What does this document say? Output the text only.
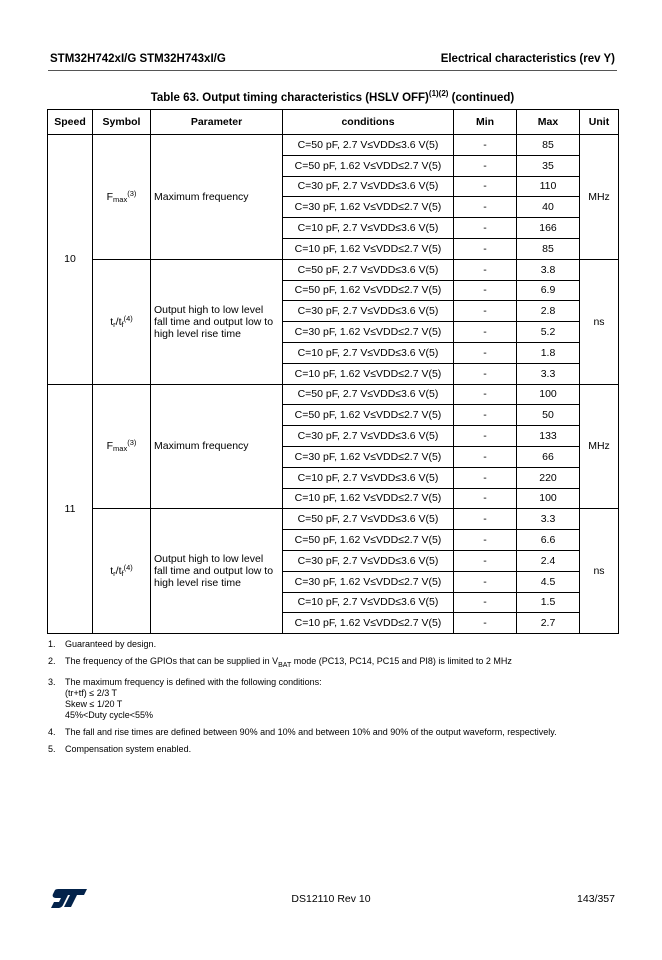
STM32H742xI/G STM32H743xI/G	Electrical characteristics (rev Y)
Table 63. Output timing characteristics (HSLV OFF)$^{(1)(2)}$ (continued)
Speed	Symbol	Parameter	conditions	Min	Max	Unit
10	$F_{max}^{(3)}$	Maximum frequency	C=50 pF, 2.7 V≤VDD≤3.6 V(5)	-	85	MHz
			C=50 pF, 1.62 V≤VDD≤2.7 V(5)	-	35	
			C=30 pF, 2.7 V≤VDD≤3.6 V(5)	-	110	
			C=30 pF, 1.62 V≤VDD≤2.7 V(5)	-	40	
			C=10 pF, 2.7 V≤VDD≤3.6 V(5)	-	166	
			C=10 pF, 1.62 V≤VDD≤2.7 V(5)	-	85	
	$t_r/t_f^{(4)}$	Output high to low level fall time and output low to high level rise time	C=50 pF, 2.7 V≤VDD≤3.6 V(5)	-	3.8	ns
			C=50 pF, 1.62 V≤VDD≤2.7 V(5)	-	6.9	
			C=30 pF, 2.7 V≤VDD≤3.6 V(5)	-	2.8	
			C=30 pF, 1.62 V≤VDD≤2.7 V(5)	-	5.2	
			C=10 pF, 2.7 V≤VDD≤3.6 V(5)	-	1.8	
			C=10 pF, 1.62 V≤VDD≤2.7 V(5)	-	3.3	
11	$F_{max}^{(3)}$	Maximum frequency	C=50 pF, 2.7 V≤VDD≤3.6 V(5)	-	100	MHz
			C=50 pF, 1.62 V≤VDD≤2.7 V(5)	-	50	
			C=30 pF, 2.7 V≤VDD≤3.6 V(5)	-	133	
			C=30 pF, 1.62 V≤VDD≤2.7 V(5)	-	66	
			C=10 pF, 2.7 V≤VDD≤3.6 V(5)	-	220	
			C=10 pF, 1.62 V≤VDD≤2.7 V(5)	-	100	
	$t_r/t_f^{(4)}$	Output high to low level fall time and output low to high level rise time	C=50 pF, 2.7 V≤VDD≤3.6 V(5)	-	3.3	ns
			C=50 pF, 1.62 V≤VDD≤2.7 V(5)	-	6.6	
			C=30 pF, 2.7 V≤VDD≤3.6 V(5)	-	2.4	
			C=30 pF, 1.62 V≤VDD≤2.7 V(5)	-	4.5	
			C=10 pF, 2.7 V≤VDD≤3.6 V(5)	-	1.5	
			C=10 pF, 1.62 V≤VDD≤2.7 V(5)	-	2.7	
1.	Guaranteed by design.
2.	The frequency of the GPIOs that can be supplied in $V_{BAT}$ mode (PC13, PC14, PC15 and PI8) is limited to 2 MHz
3.	The maximum frequency is defined with the following conditions:
(tr+tf) ≤ 2/3 T
Skew ≤ 1/20 T
45%<Duty cycle<55%
4.	The fall and rise times are defined between 90% and 10% and between 10% and 90% of the output waveform, respectively.
5.	Compensation system enabled.
DS12110 Rev 10	143/357
